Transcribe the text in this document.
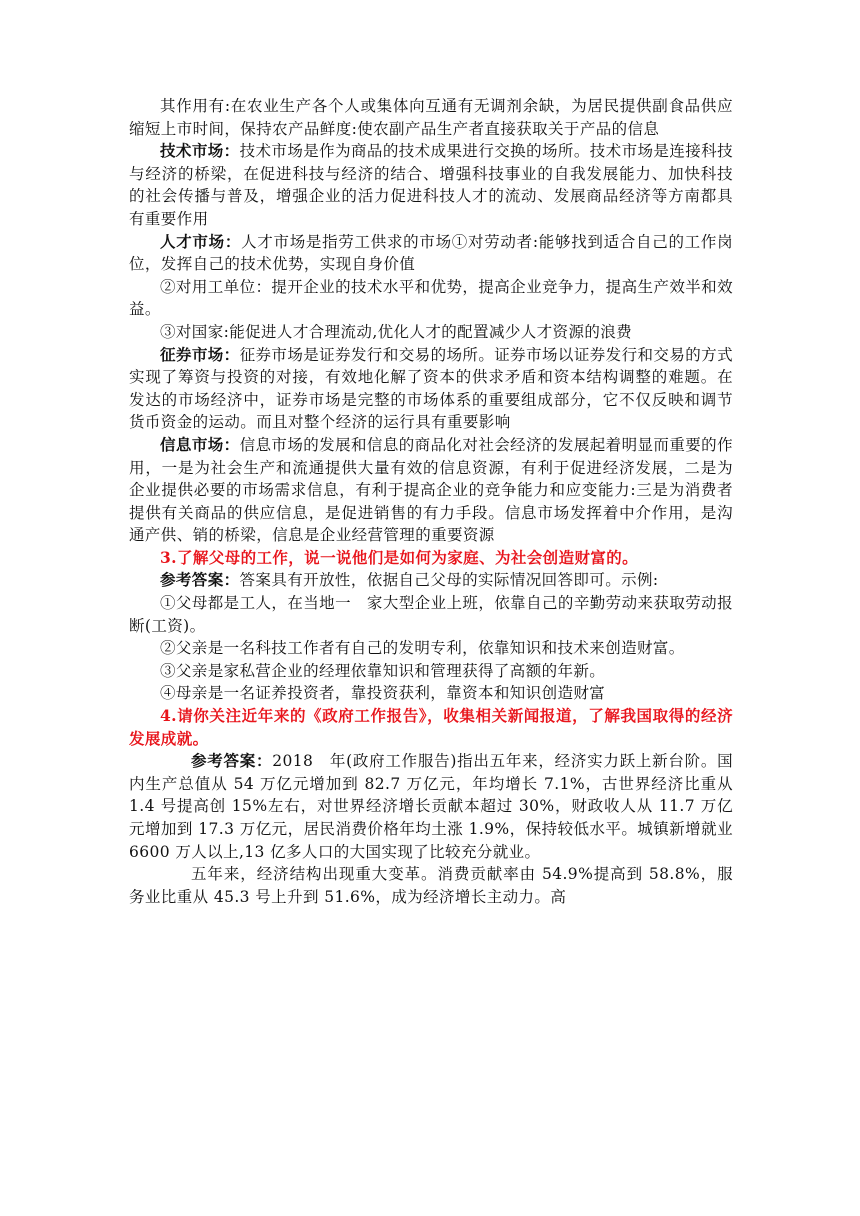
其作用有:在农业生产各个人或集体向互通有无调剂余缺，为居民提供副食品供应缩短上市时间，保持农产品鲜度:使农副产品生产者直接获取关于产品的信息

技术市场：技术市场是作为商品的技术成果进行交换的场所。技术市场是连接科技与经济的桥梁，在促进科技与经济的结合、增强科技事业的自我发展能力、加快科技的社会传播与普及，增强企业的活力促进科技人才的流动、发展商品经济等方南都具有重要作用

人才市场：人才市场是指劳工供求的市场①对劳动者:能够找到适合自己的工作岗位，发挥自己的技术优势，实现自身价值

②对用工单位：提开企业的技术水平和优势，提高企业竞争力，提高生产效半和效益。

③对国家:能促进人才合理流动,优化人才的配置减少人才资源的浪费

征券市场：征券市场是证券发行和交易的场所。证券市场以证券发行和交易的方式实现了筹资与投资的对接，有效地化解了资本的供求矛盾和资本结构调整的难题。在发达的市场经济中，证券市场是完整的市场体系的重要组成部分，它不仅反映和调节货币资金的运动。而且对整个经济的运行具有重要影响

信息市场：信息市场的发展和信息的商品化对社会经济的发展起着明显而重要的作用，一是为社会生产和流通提供大量有效的信息资源，有利于促进经济发展，二是为企业提供必要的市场需求信息，有利于提高企业的竞争能力和应变能力:三是为消费者提供有关商品的供应信息，是促进销售的有力手段。信息市场发挥着中介作用，是沟通产供、销的桥梁，信息是企业经营管理的重要资源

3.了解父母的工作，说一说他们是如何为家庭、为社会创造财富的。

参考答案：答案具有开放性，依据自己父母的实际情况回答即可。示例:

①父母都是工人，在当地一　家大型企业上班，依靠自己的辛勤劳动来获取劳动报断(工资)。

②父亲是一名科技工作者有自己的发明专利，依靠知识和技术来创造财富。

③父亲是家私营企业的经理依靠知识和管理获得了高额的年新。

④母亲是一名证养投资者，靠投资获利，靠资本和知识创造财富

4.请你关注近年来的《政府工作报告》，收集相关新闻报道，了解我国取得的经济发展成就。

参考答案：2018　年(政府工作服告)指出五年来，经济实力跃上新台阶。国内生产总值从 54 万亿元增加到 82.7 万亿元，年均增长 7.1%，古世界经济比重从 1.4 号提高创 15%左右，对世界经济增长贡献本超过 30%，财政收人从 11.7 万亿元增加到 17.3 万亿元，居民消费价格年均土涨 1.9%，保持较低水平。城镇新增就业 6600 万人以上,13 亿多人口的大国实现了比较充分就业。

五年来，经济结构出现重大变革。消费贡献率由 54.9%提高到 58.8%，服务业比重从 45.3 号上升到 51.6%，成为经济增长主动力。高
